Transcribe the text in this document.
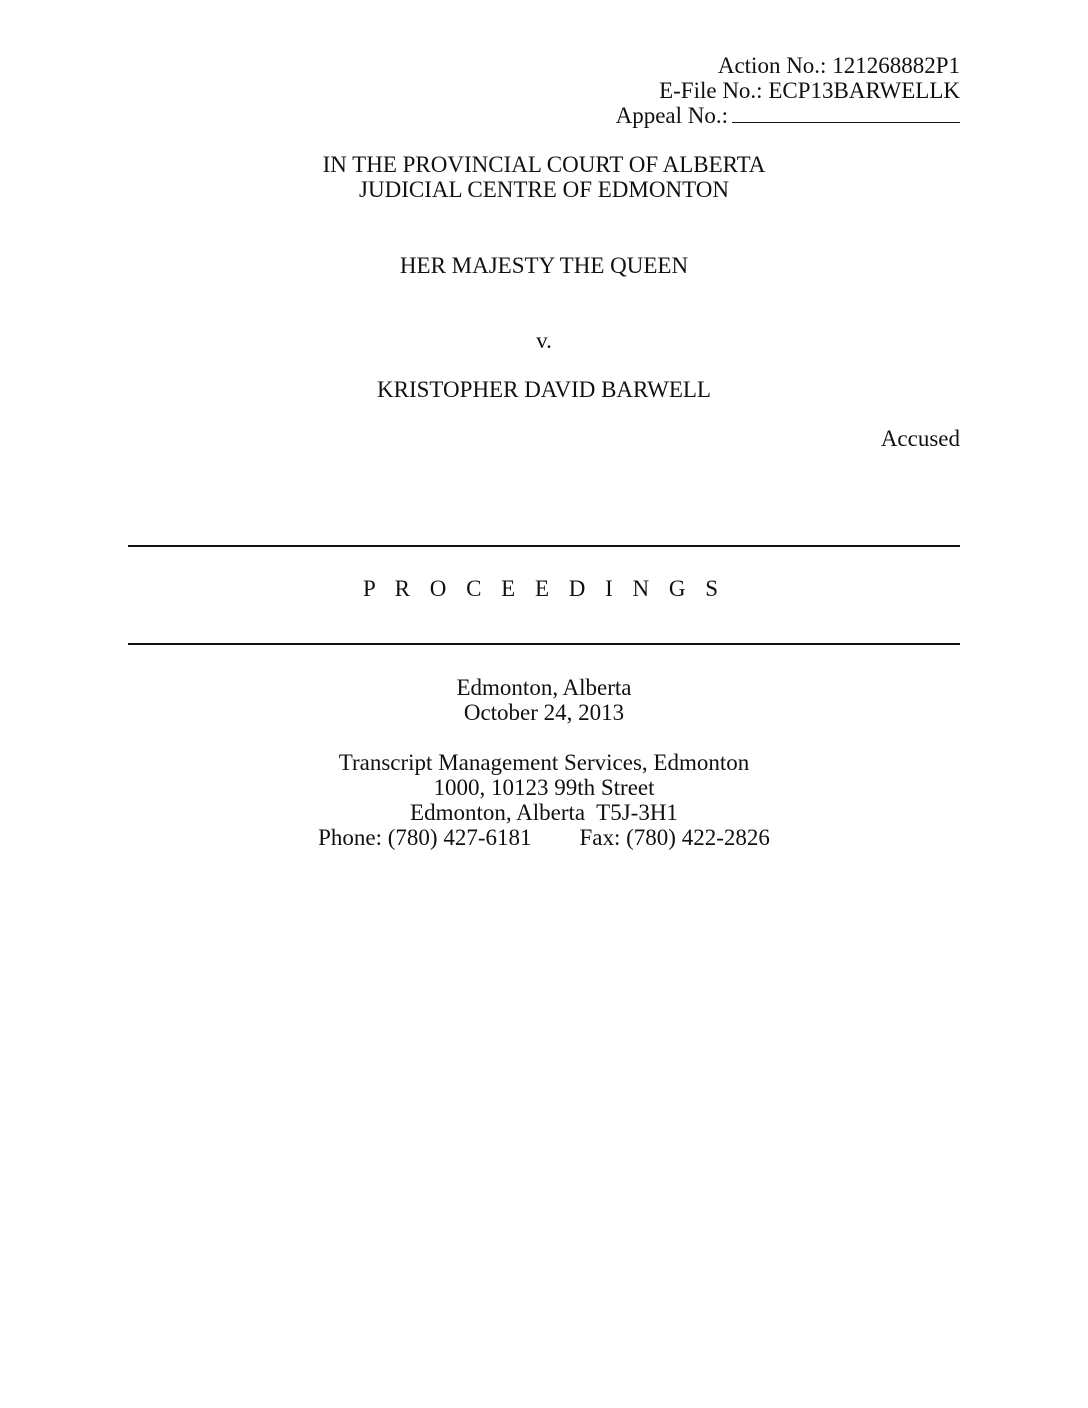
Action No.: 121268882P1
E-File No.: ECP13BARWELLK
Appeal No.:
IN THE PROVINCIAL COURT OF ALBERTA
JUDICIAL CENTRE OF EDMONTON
HER MAJESTY THE QUEEN
v.
KRISTOPHER DAVID BARWELL
Accused
P R O C E E D I N G S
Edmonton, Alberta
October 24, 2013
Transcript Management Services, Edmonton
1000, 10123 99th Street
Edmonton, Alberta  T5J-3H1
Phone: (780) 427-6181 Fax: (780) 422-2826
